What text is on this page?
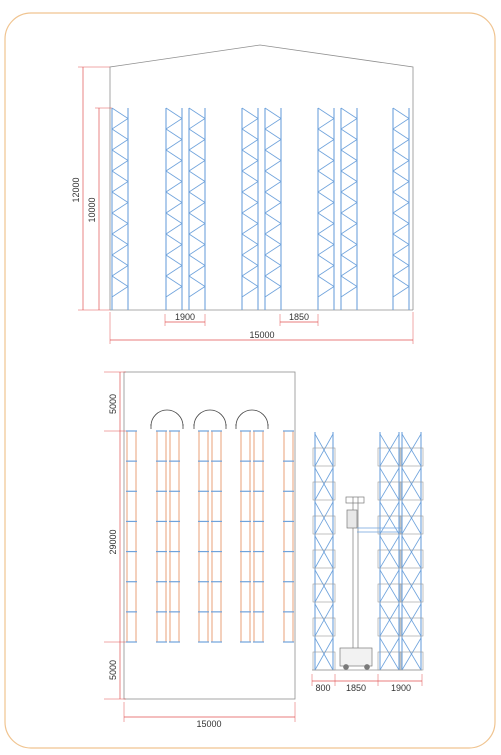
12000
10000
1900	1850
15000
5000
29000
5000
15000
800 1850	1900
